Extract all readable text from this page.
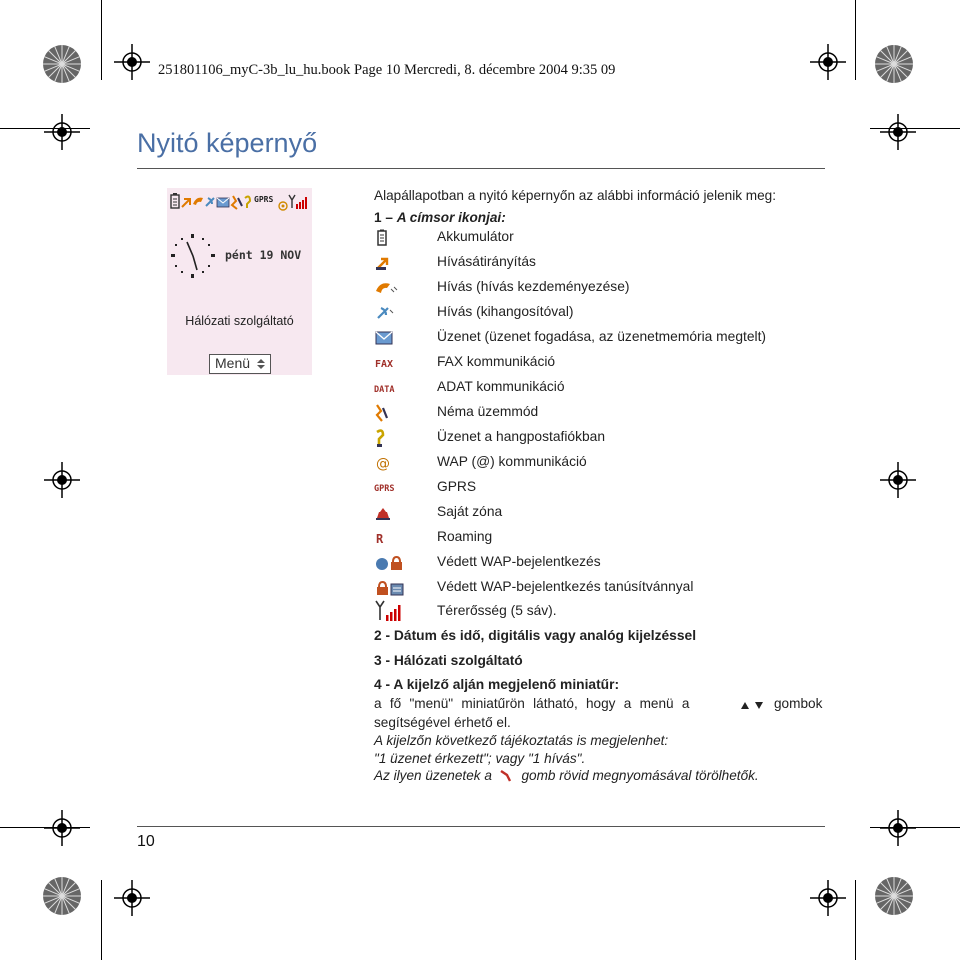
251801106_myC-3b_lu_hu.book Page 10 Mercredi, 8. décembre 2004 9:35 09
Nyitó képernyő
GPRS
pént 19 NOV
Hálózati szolgáltató
Menü
Alapállapotban a nyitó képernyőn az alábbi információ jelenik meg:
1 – A címsor ikonjai:
Akkumulátor
Hívásátirányítás
Hívás (hívás kezdeményezése)
Hívás (kihangosítóval)
Üzenet (üzenet fogadása, az üzenetmemória megtelt)
FAX	FAX kommunikáció
DATA	ADAT kommunikáció
Néma üzemmód
Üzenet a hangpostafiókban
@	WAP (@) kommunikáció
GPRS	GPRS
Saját zóna
R	Roaming
Védett WAP-bejelentkezés
Védett WAP-bejelentkezés tanúsítvánnyal
Térerősség (5 sáv).
2 - Dátum és idő, digitális vagy analóg kijelzéssel
3 - Hálózati szolgáltató
4 - A kijelző alján megjelenő miniatűr:
a fő "menü" miniatűrön látható, hogy a menü a	gombok
segítségével érhető el.
A kijelzőn következő tájékoztatás is megjelenhet:
"1 üzenet érkezett"; vagy "1 hívás".
Az ilyen üzenetek a gomb rövid megnyomásával törölhetők.
10
